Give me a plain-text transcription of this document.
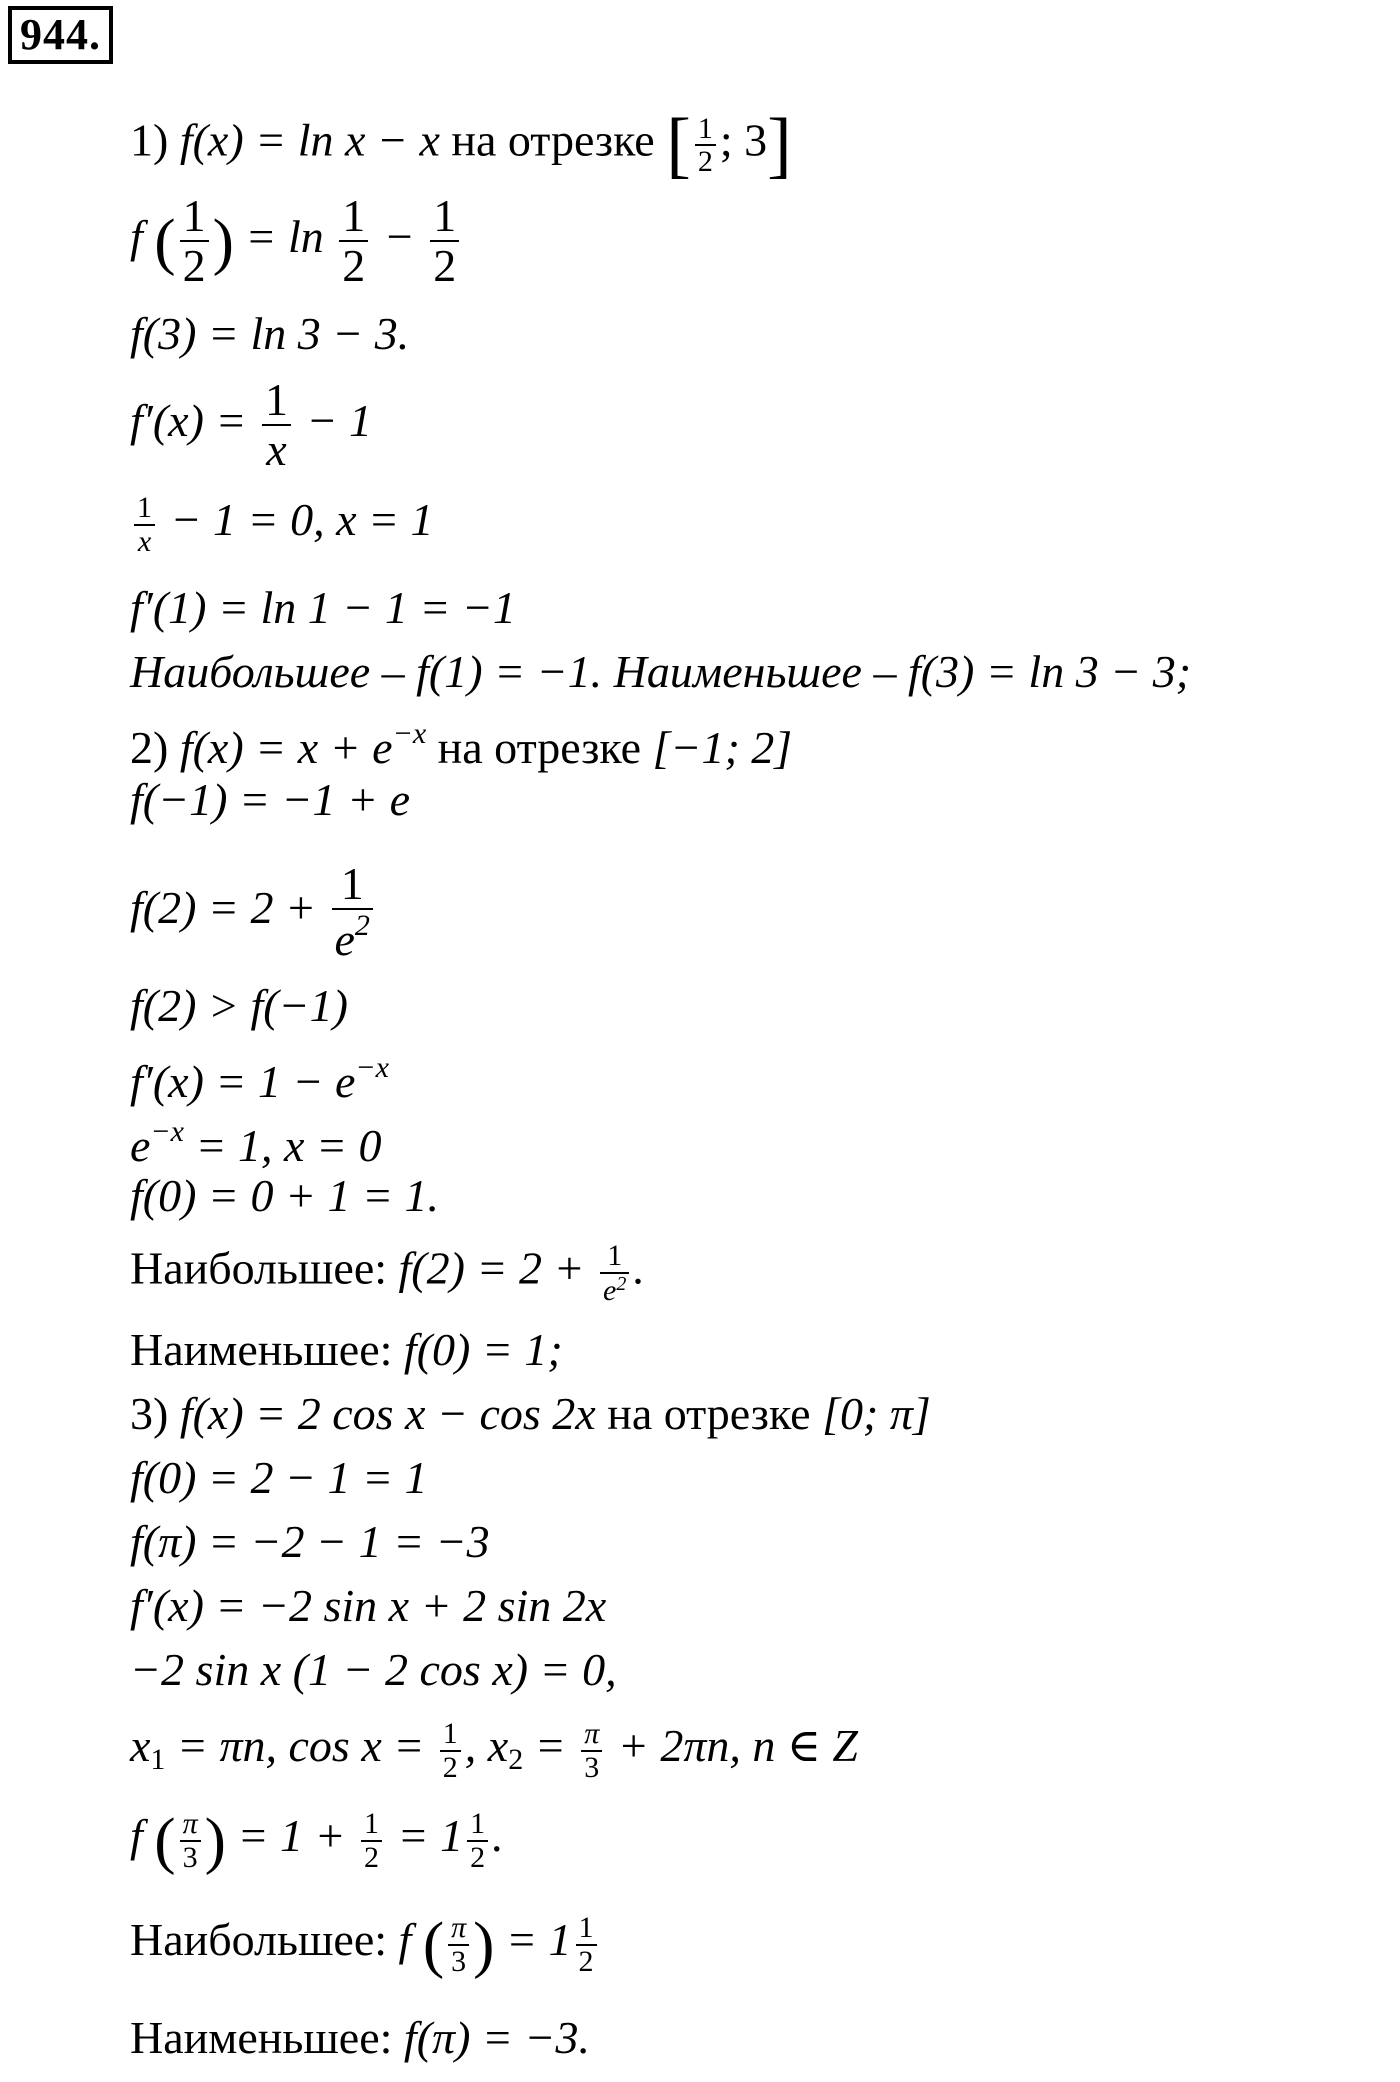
944.
1) f(x) = ln x − x на отрезке [ $\frac{1}{2}$ ; 3]
f ( $\frac{1}{2}$ ) = $\ln \frac{1}{2} - \frac{1}{2}$
f(3) = ln 3 − 3.
$f'(x) = \frac{1}{x} - 1$
$\frac{1}{x} - 1 = 0$, x = 1
f′(1) = ln 1 − 1 = −1
Наибольшее – f(1) = −1. Наименьшее – f(3) = ln 3 − 3;
2) $f(x) = x + e^{-x}$ на отрезке [−1; 2]
f(−1) = −1 + e
$f(2) = 2 + \frac{1}{e^2}$
f(2) > f(−1)
$f'(x) = 1 - e^{-x}$
$e^{-x} = 1$, x = 0
f(0) = 0 + 1 = 1.
Наибольшее: $f(2) = 2 + \frac{1}{e^2}$ .
Наименьшее: f(0) = 1;
3) f(x) = 2 cos x − cos 2x на отрезке [0; π]
f(0) = 2 − 1 = 1
f(π) = −2 − 1 = −3
f′(x) = −2 sin x + 2 sin 2x
−2 sin x (1 − 2 cos x) = 0,
$x_1 = \pi n$, $\cos x = \frac{1}{2}$ , $x_2 = \frac{\pi}{3} + 2\pi n$, n ∈ Z
f ( $\frac{\pi}{3}$ ) = $1 + \frac{1}{2} = 1 \frac{1}{2}$ .
Наибольшее: f ( $\frac{\pi}{3}$ ) = $1 \frac{1}{2}$
Наименьшее: f(π) = −3.
